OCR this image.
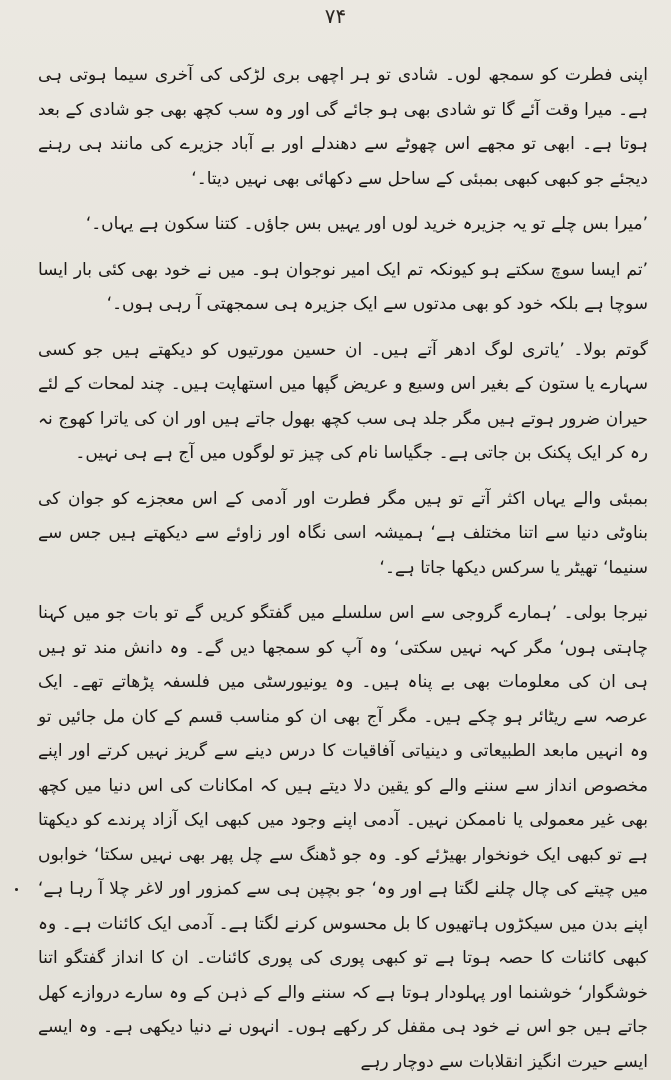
۷۴

اپنی فطرت کو سمجھ لوں۔ شادی تو ہر اچھی بری لڑکی کی آخری سیما ہوتی ہی ہے۔ میرا وقت آئے گا تو شادی بھی ہو جائے گی اور وہ سب کچھ بھی جو شادی کے بعد ہوتا ہے۔ ابھی تو مجھے اس چھوٹے سے دھندلے اور بے آباد جزیرے کی مانند ہی رہنے دیجئے جو کبھی کبھی بمبئی کے ساحل سے دکھائی بھی نہیں دیتا۔‘

’میرا بس چلے تو یہ جزیرہ خرید لوں اور یہیں بس جاؤں۔ کتنا سکون ہے یہاں۔‘

’تم ایسا سوچ سکتے ہو کیونکہ تم ایک امیر نوجوان ہو۔ میں نے خود بھی کئی بار ایسا سوچا ہے بلکہ خود کو بھی مدتوں سے ایک جزیرہ ہی سمجھتی آ رہی ہوں۔‘

گوتم بولا۔ ’یاتری لوگ ادھر آتے ہیں۔ ان حسین مورتیوں کو دیکھتے ہیں جو کسی سہارے یا ستون کے بغیر اس وسیع و عریض گپھا میں استھاپت ہیں۔ چند لمحات کے لئے حیران ضرور ہوتے ہیں مگر جلد ہی سب کچھ بھول جاتے ہیں اور ان کی یاترا کھوج نہ رہ کر ایک پکنک بن جاتی ہے۔ جگیاسا نام کی چیز تو لوگوں میں آج ہے ہی نہیں۔

بمبئی والے یہاں اکثر آتے تو ہیں مگر فطرت اور آدمی کے اس معجزے کو جوان کی بناوٹی دنیا سے اتنا مختلف ہے‘ ہمیشہ اسی نگاہ اور زاوئے سے دیکھتے ہیں جس سے سنیما‘ تھیٹر یا سرکس دیکھا جاتا ہے۔‘

نیرجا بولی۔ ’ہمارے گروجی سے اس سلسلے میں گفتگو کریں گے تو بات جو میں کہنا چاہتی ہوں‘ مگر کہہ نہیں سکتی‘ وہ آپ کو سمجھا دیں گے۔ وہ دانش مند تو ہیں ہی ان کی معلومات بھی بے پناہ ہیں۔ وہ یونیورسٹی میں فلسفہ پڑھاتے تھے۔ ایک عرصہ سے ریٹائر ہو چکے ہیں۔ مگر آج بھی ان کو مناسب قسم کے کان مل جائیں تو وہ انہیں مابعد الطبیعاتی و دینیاتی آفاقیات کا درس دینے سے گریز نہیں کرتے اور اپنے مخصوص انداز سے سننے والے کو یقین دلا دیتے ہیں کہ امکانات کی اس دنیا میں کچھ بھی غیر معمولی یا ناممکن نہیں۔ آدمی اپنے وجود میں کبھی ایک آزاد پرندے کو دیکھتا ہے تو کبھی ایک خونخوار بھیڑئے کو۔ وہ جو ڈھنگ سے چل پھر بھی نہیں سکتا‘ خوابوں میں چیتے کی چال چلنے لگتا ہے اور وہ‘ جو بچپن ہی سے کمزور اور لاغر چلا آ رہا ہے‘ اپنے بدن میں سیکڑوں ہاتھیوں کا بل محسوس کرنے لگتا ہے۔ آدمی ایک کائنات ہے۔ وہ کبھی کائنات کا حصہ ہوتا ہے تو کبھی پوری کی پوری کائنات۔ ان کا انداز گفتگو اتنا خوشگوار‘ خوشنما اور پہلودار ہوتا ہے کہ سننے والے کے ذہن کے وہ سارے دروازے کھل جاتے ہیں جو اس نے خود ہی مقفل کر رکھے ہوں۔ انہوں نے دنیا دیکھی ہے۔ وہ ایسے ایسے حیرت انگیز انقلابات سے دوچار رہے
